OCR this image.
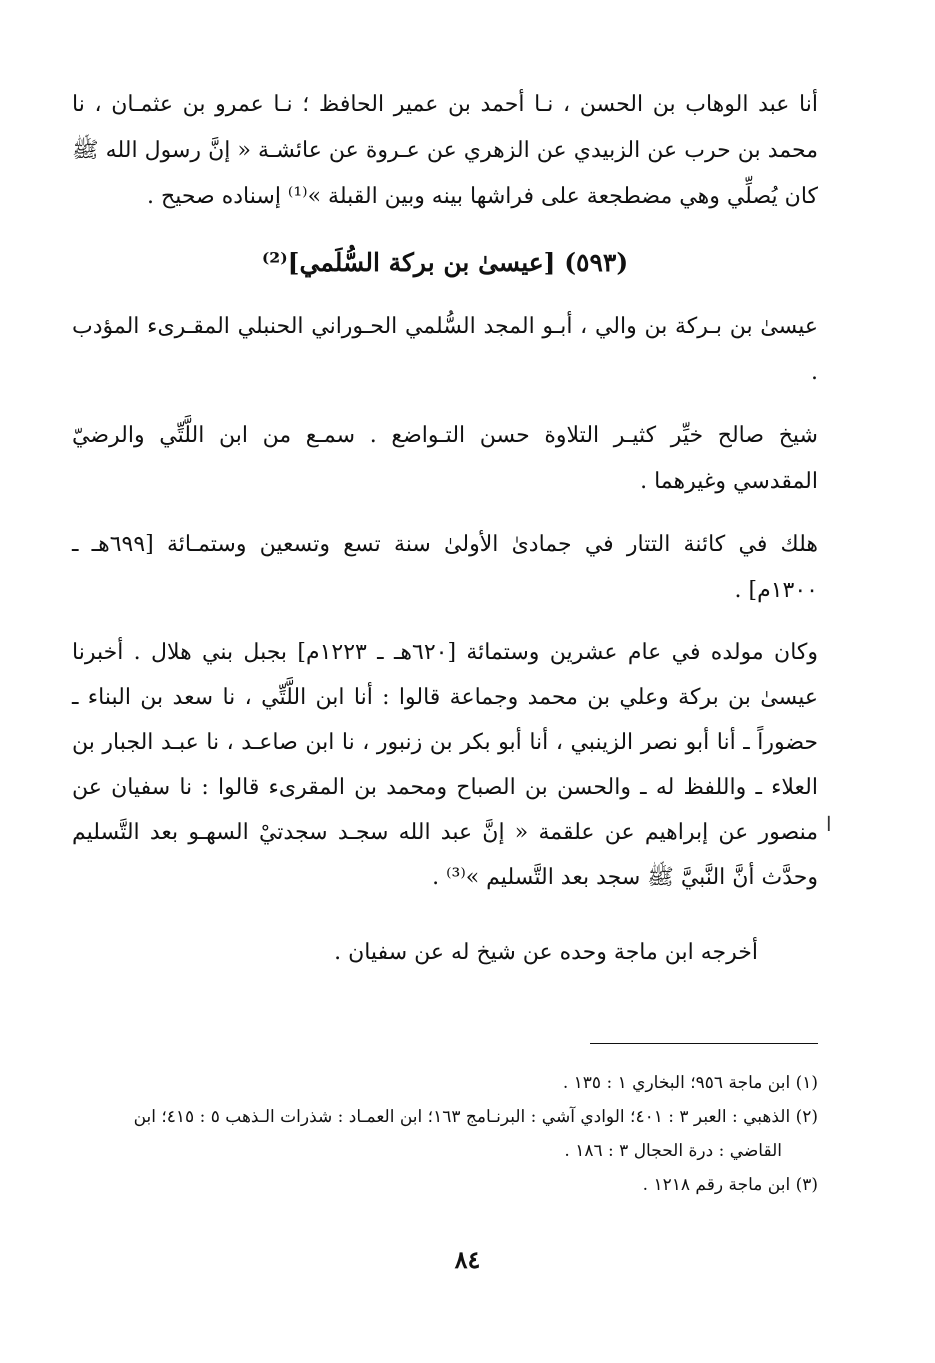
أنا عبد الوهاب بن الحسن ، نـا أحمد بن عمير الحافظ ؛ نـا عمرو بن عثمـان ، نا محمد بن حرب عن الزبيدي عن الزهري عن عـروة عن عائشـة « إنَّ رسول الله ﷺ كان يُصلِّي وهي مضطجعة على فراشها بينه وبين القبلة »⁽¹⁾ إسناده صحيح .
(٥٩٣) [عيسىٰ بن بركة السُّلَمي]⁽²⁾
عيسىٰ بن بـركة بن والي ، أبـو المجد السُّلمي الحـوراني الحنبلي المقـرىء المؤدب .
شيخ صالح خيِّر كثيـر التلاوة حسن التـواضع . سمـع من ابن اللَّتِّي والرضيّ المقدسي وغيرهما .
هلك في كائنة التتار في جمادىٰ الأولىٰ سنة تسع وتسعين وستمـائة [٦٩٩هـ ـ ١٣٠٠م] .
وكان مولده في عام عشرين وستمائة [٦٢٠هـ ـ ١٢٢٣م] بجبل بني هلال . أخبرنا عيسىٰ بن بركة وعلي بن محمد وجماعة قالوا : أنا ابن اللَّتِّي ، نا سعد بن البناء ـ حضوراً ـ أنا أبو نصر الزينبي ، أنا أبو بكر بن زنبور ، نا ابن صاعـد ، نا عبـد الجبار بن العلاء ـ واللفظ له ـ والحسن بن الصباح ومحمد بن المقرىء قالوا : نا سفيان عن منصور عن إبراهيم عن علقمة « إنَّ عبد الله سجـد سجدتيْ السهـو بعد التَّسليم وحدَّث أنَّ النَّبيَّ ﷺ سجد بعد التَّسليم »⁽³⁾ .
ا
أخرجه ابن ماجة وحده عن شيخ له عن سفيان .
(١) ابن ماجة ٩٥٦؛ البخاري ١ : ١٣٥ .
(٢) الذهبي : العبر ٣ : ٤٠١؛ الوادي آشي : البرنـامج ١٦٣؛ ابن العمـاد : شذرات الـذهب ٥ : ٤١٥؛ ابن
القاضي : درة الحجال ٣ : ١٨٦ .
(٣) ابن ماجة رقم ١٢١٨ .
٨٤
